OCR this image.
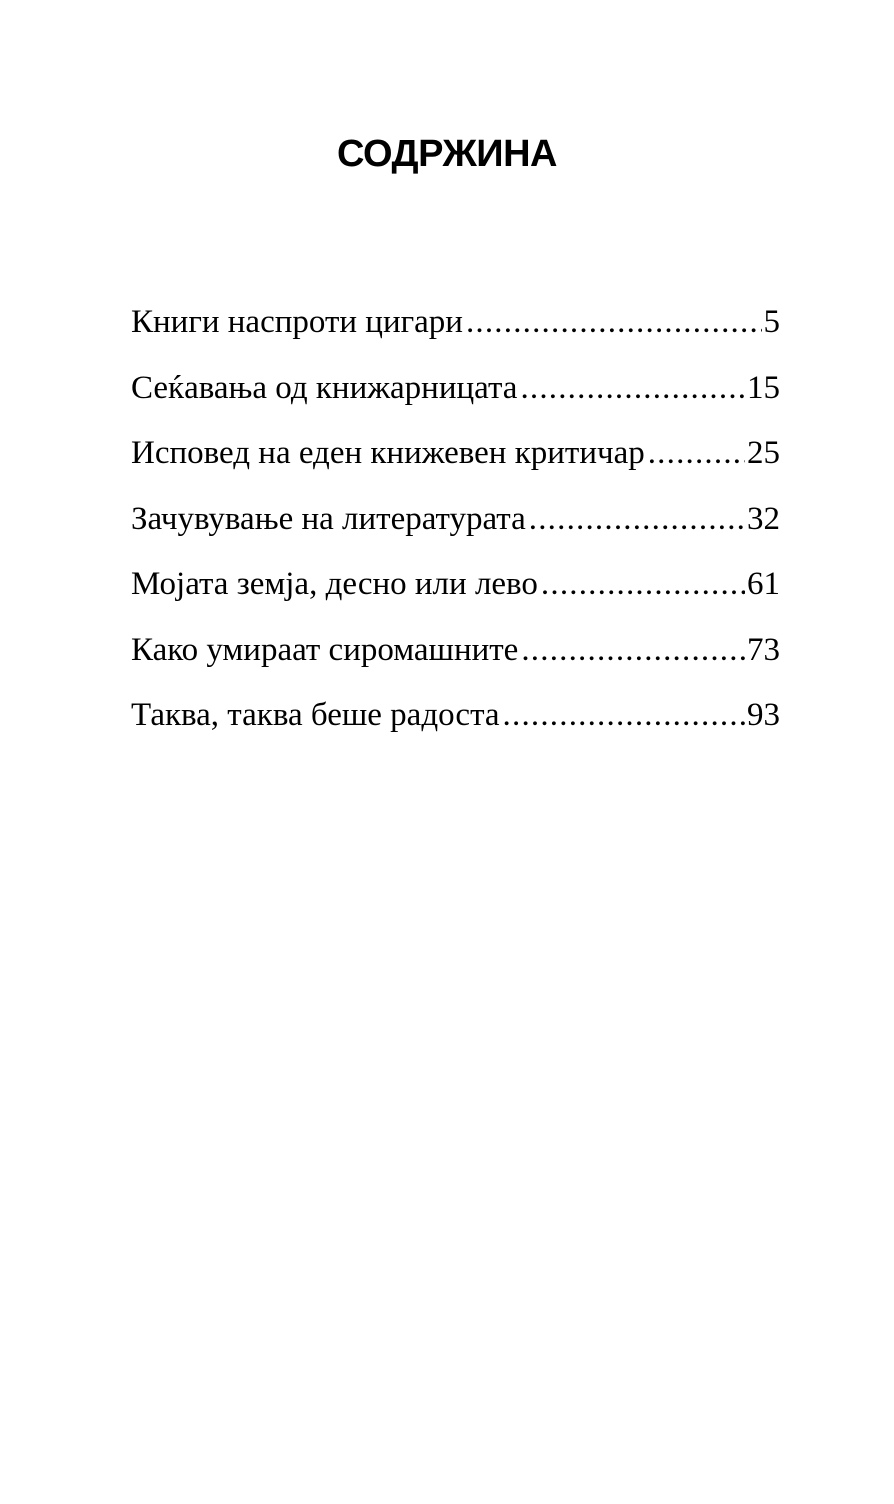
СОДРЖИНА
Книги наспроти цигари .....	5
Сеќавања од книжарницата .....	15
Исповед на еден книжевен критичар .....	25
Зачувување на литературата .....	32
Мојата земја, десно или лево .....	61
Како умираат сиромашните .....	73
Таква, таква беше радоста .....	93
